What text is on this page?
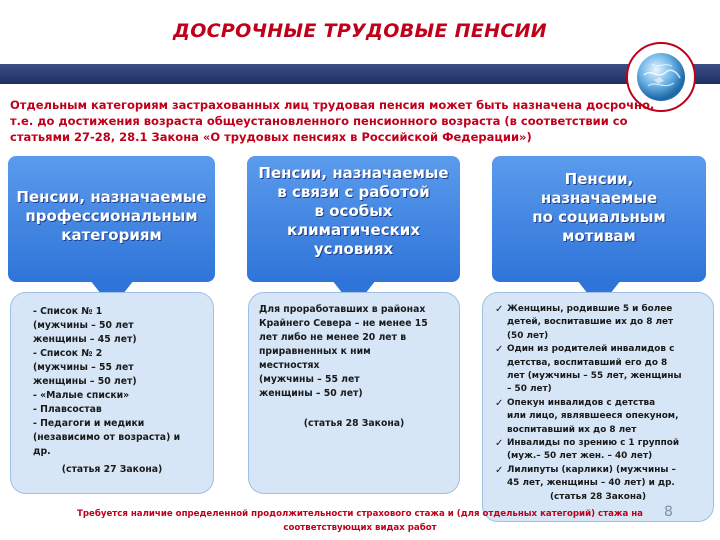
ДОСРОЧНЫЕ ТРУДОВЫЕ ПЕНСИИ
Отдельным категориям застрахованных лиц трудовая пенсия может быть назначена досрочно,
т.е. до достижения возраста общеустановленного пенсионного возраста (в соответствии со
статьями 27-28, 28.1 Закона «О трудовых пенсиях в Российской Федерации»)
Пенсии, назначаемые
профессиональным
категориям
Пенсии, назначаемые
в связи с работой
в особых
климатических
условиях
Пенсии,
назначаемые
по социальным
мотивам
- Список № 1
(мужчины – 50 лет
женщины – 45 лет)
- Список № 2
(мужчины – 55 лет
женщины – 50 лет)
- «Малые списки»
- Плавсостав
- Педагоги и медики
(независимо от возраста) и
др.
(статья 27 Закона)
Для проработавших в районах
Крайнего Севера – не менее 15
лет либо не менее 20 лет в
приравненных к ним
местностях
(мужчины – 55 лет
женщины – 50 лет)
(статья 28 Закона)
✓ Женщины, родившие 5 и более
детей, воспитавшие их до 8 лет
(50 лет)
✓ Один из родителей инвалидов с
детства, воспитавший его до 8
лет (мужчины – 55 лет, женщины
– 50 лет)
✓ Опекун инвалидов с детства
или лицо, являвшееся опекуном,
воспитавший их до 8 лет
✓ Инвалиды по зрению с 1 группой
(муж.– 50 лет жен. – 40 лет)
✓ Лилипуты (карлики) (мужчины –
45 лет, женщины – 40 лет) и др.
(статья 28 Закона)
Требуется наличие определенной продолжительности страхового стажа и (для отдельных категорий) стажа на
соответствующих видах работ
8
